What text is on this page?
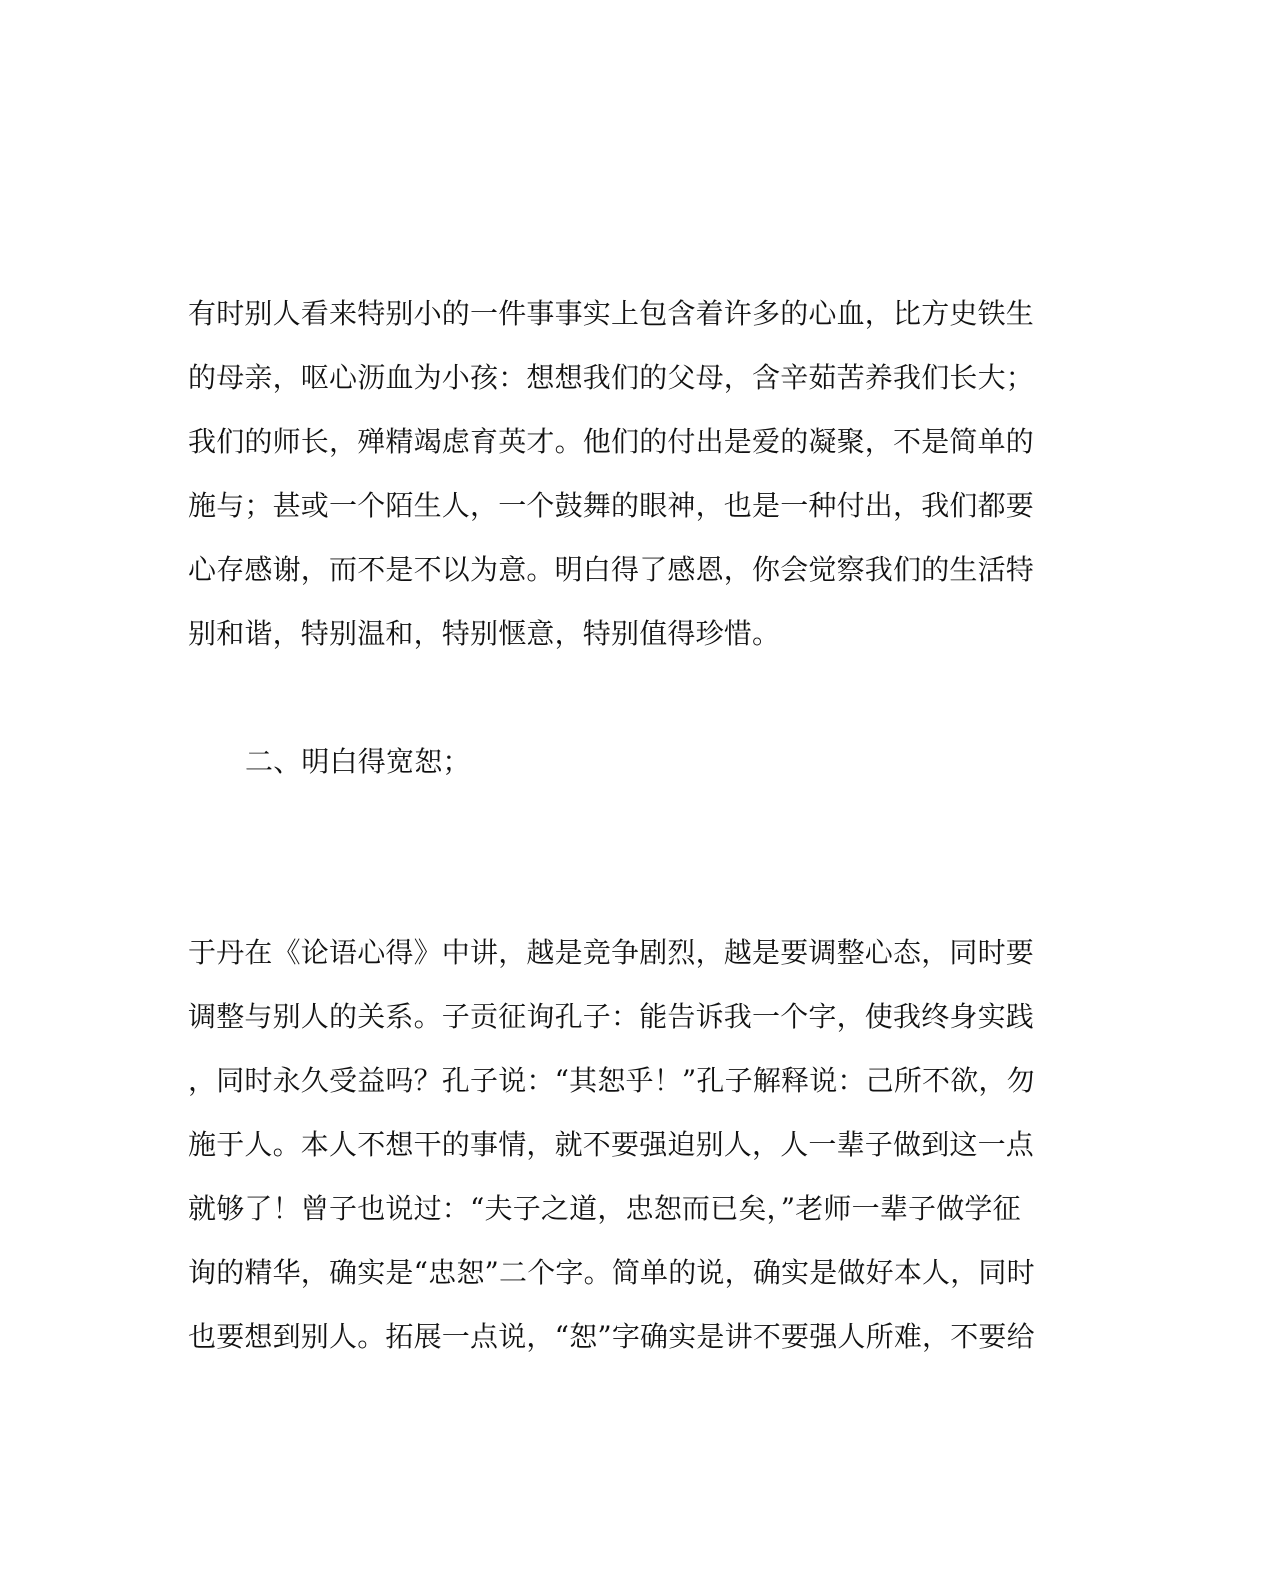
有时别人看来特别小的一件事事实上包含着许多的心血，比方史铁生
的母亲，呕心沥血为小孩：想想我们的父母，含辛茹苦养我们长大；
我们的师长，殚精竭虑育英才。他们的付出是爱的凝聚，不是简单的
施与；甚或一个陌生人，一个鼓舞的眼神，也是一种付出，我们都要
心存感谢，而不是不以为意。明白得了感恩，你会觉察我们的生活特
别和谐，特别温和，特别惬意，特别值得珍惜。
二、明白得宽恕；
于丹在《论语心得》中讲，越是竞争剧烈，越是要调整心态，同时要
调整与别人的关系。子贡征询孔子：能告诉我一个字，使我终身实践
，同时永久受益吗？孔子说：“其恕乎！”孔子解释说：己所不欲，勿
施于人。本人不想干的事情，就不要强迫别人，人一辈子做到这一点
就够了！曾子也说过：“夫子之道，忠恕而已矣，”老师一辈子做学征
询的精华，确实是“忠恕”二个字。简单的说，确实是做好本人，同时
也要想到别人。拓展一点说，“恕”字确实是讲不要强人所难，不要给
